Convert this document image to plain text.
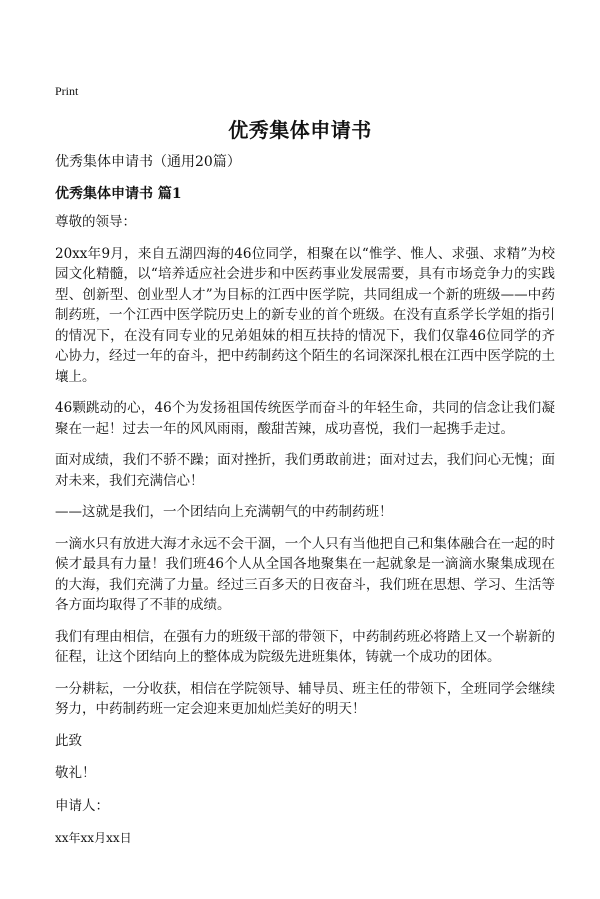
Print
优秀集体申请书
优秀集体申请书（通用20篇）
优秀集体申请书 篇1

尊敬的领导：

20xx年9月，来自五湖四海的46位同学，相聚在以“惟学、惟人、求强、求精”为校园文化精髓，以“培养适应社会进步和中医药事业发展需要，具有市场竞争力的实践型、创新型、创业型人才”为目标的江西中医学院，共同组成一个新的班级——中药制药班，一个江西中医学院历史上的新专业的首个班级。在没有直系学长学姐的指引的情况下，在没有同专业的兄弟姐妹的相互扶持的情况下，我们仅靠46位同学的齐心协力，经过一年的奋斗，把中药制药这个陌生的名词深深扎根在江西中医学院的土壤上。

46颗跳动的心，46个为发扬祖国传统医学而奋斗的年轻生命，共同的信念让我们凝聚在一起！过去一年的风风雨雨，酸甜苦辣，成功喜悦，我们一起携手走过。

面对成绩，我们不骄不躁；面对挫折，我们勇敢前进；面对过去，我们问心无愧；面对未来，我们充满信心！

——这就是我们，一个团结向上充满朝气的中药制药班！

一滴水只有放进大海才永远不会干涸，一个人只有当他把自己和集体融合在一起的时候才最具有力量！我们班46个人从全国各地聚集在一起就象是一滴滴水聚集成现在的大海，我们充满了力量。经过三百多天的日夜奋斗，我们班在思想、学习、生活等各方面均取得了不菲的成绩。

我们有理由相信，在强有力的班级干部的带领下，中药制药班必将踏上又一个崭新的征程，让这个团结向上的整体成为院级先进班集体，铸就一个成功的团体。

一分耕耘，一分收获，相信在学院领导、辅导员、班主任的带领下，全班同学会继续努力，中药制药班一定会迎来更加灿烂美好的明天！

此致

敬礼！

申请人：

xx年xx月xx日
